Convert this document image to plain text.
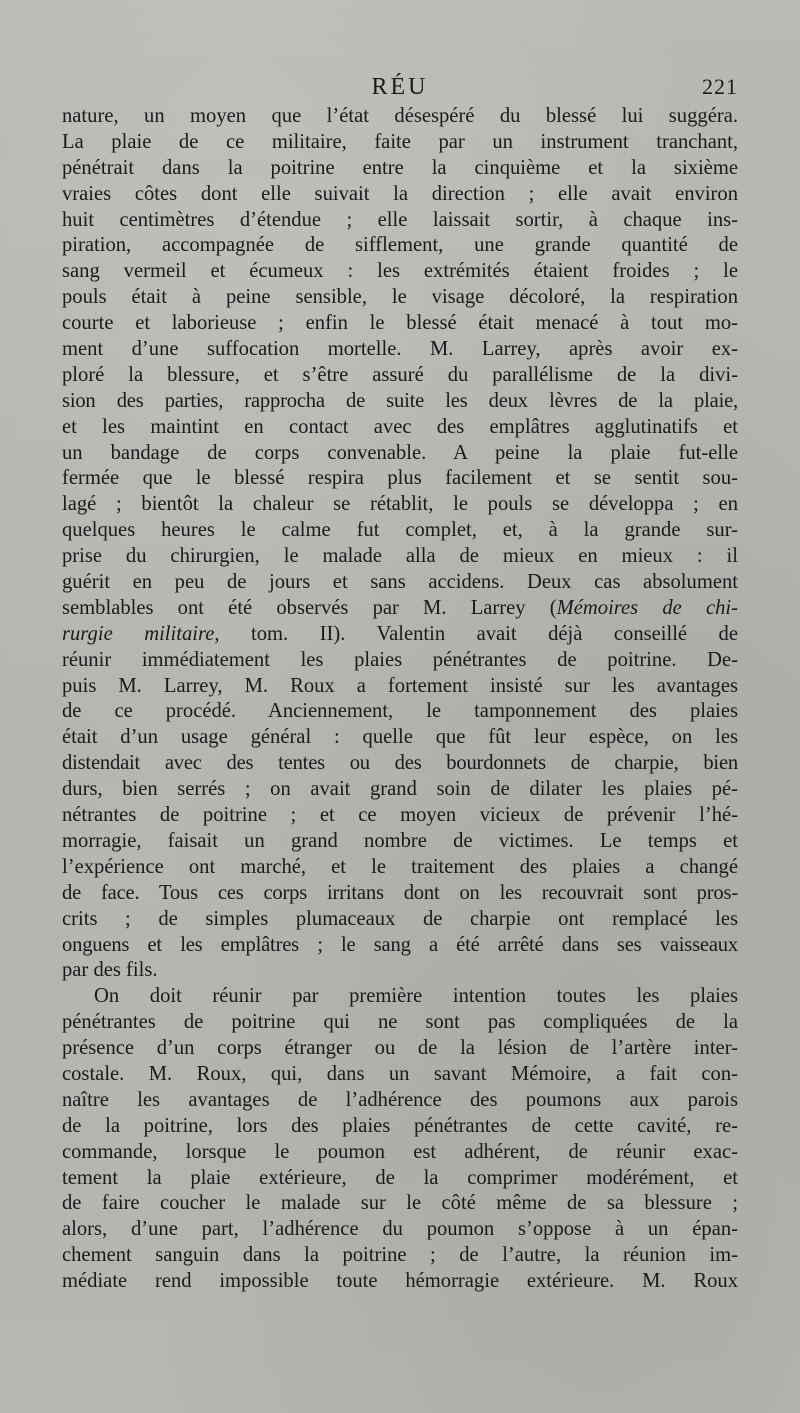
RÉU	221
nature, un moyen que l’état désespéré du blessé lui suggéra.
La plaie de ce militaire, faite par un instrument tranchant,
pénétrait dans la poitrine entre la cinquième et la sixième
vraies côtes dont elle suivait la direction ; elle avait environ
huit centimètres d’étendue ; elle laissait sortir, à chaque ins-
piration, accompagnée de sifflement, une grande quantité de
sang vermeil et écumeux : les extrémités étaient froides ; le
pouls était à peine sensible, le visage décoloré, la respiration
courte et laborieuse ; enfin le blessé était menacé à tout mo-
ment d’une suffocation mortelle. M. Larrey, après avoir ex-
ploré la blessure, et s’être assuré du parallélisme de la divi-
sion des parties, rapprocha de suite les deux lèvres de la plaie,
et les maintint en contact avec des emplâtres agglutinatifs et
un bandage de corps convenable. A peine la plaie fut-elle
fermée que le blessé respira plus facilement et se sentit sou-
lagé ; bientôt la chaleur se rétablit, le pouls se développa ; en
quelques heures le calme fut complet, et, à la grande sur-
prise du chirurgien, le malade alla de mieux en mieux : il
guérit en peu de jours et sans accidens. Deux cas absolument
semblables ont été observés par M. Larrey (Mémoires de chi-
rurgie militaire, tom. II). Valentin avait déjà conseillé de
réunir immédiatement les plaies pénétrantes de poitrine. De-
puis M. Larrey, M. Roux a fortement insisté sur les avantages
de ce procédé. Anciennement, le tamponnement des plaies
était d’un usage général : quelle que fût leur espèce, on les
distendait avec des tentes ou des bourdonnets de charpie, bien
durs, bien serrés ; on avait grand soin de dilater les plaies pé-
nétrantes de poitrine ; et ce moyen vicieux de prévenir l’hé-
morragie, faisait un grand nombre de victimes. Le temps et
l’expérience ont marché, et le traitement des plaies a changé
de face. Tous ces corps irritans dont on les recouvrait sont pros-
crits ; de simples plumaceaux de charpie ont remplacé les
onguens et les emplâtres ; le sang a été arrêté dans ses vaisseaux
par des fils.
On doit réunir par première intention toutes les plaies
pénétrantes de poitrine qui ne sont pas compliquées de la
présence d’un corps étranger ou de la lésion de l’artère inter-
costale. M. Roux, qui, dans un savant Mémoire, a fait con-
naître les avantages de l’adhérence des poumons aux parois
de la poitrine, lors des plaies pénétrantes de cette cavité, re-
commande, lorsque le poumon est adhérent, de réunir exac-
tement la plaie extérieure, de la comprimer modérément, et
de faire coucher le malade sur le côté même de sa blessure ;
alors, d’une part, l’adhérence du poumon s’oppose à un épan-
chement sanguin dans la poitrine ; de l’autre, la réunion im-
médiate rend impossible toute hémorragie extérieure. M. Roux
